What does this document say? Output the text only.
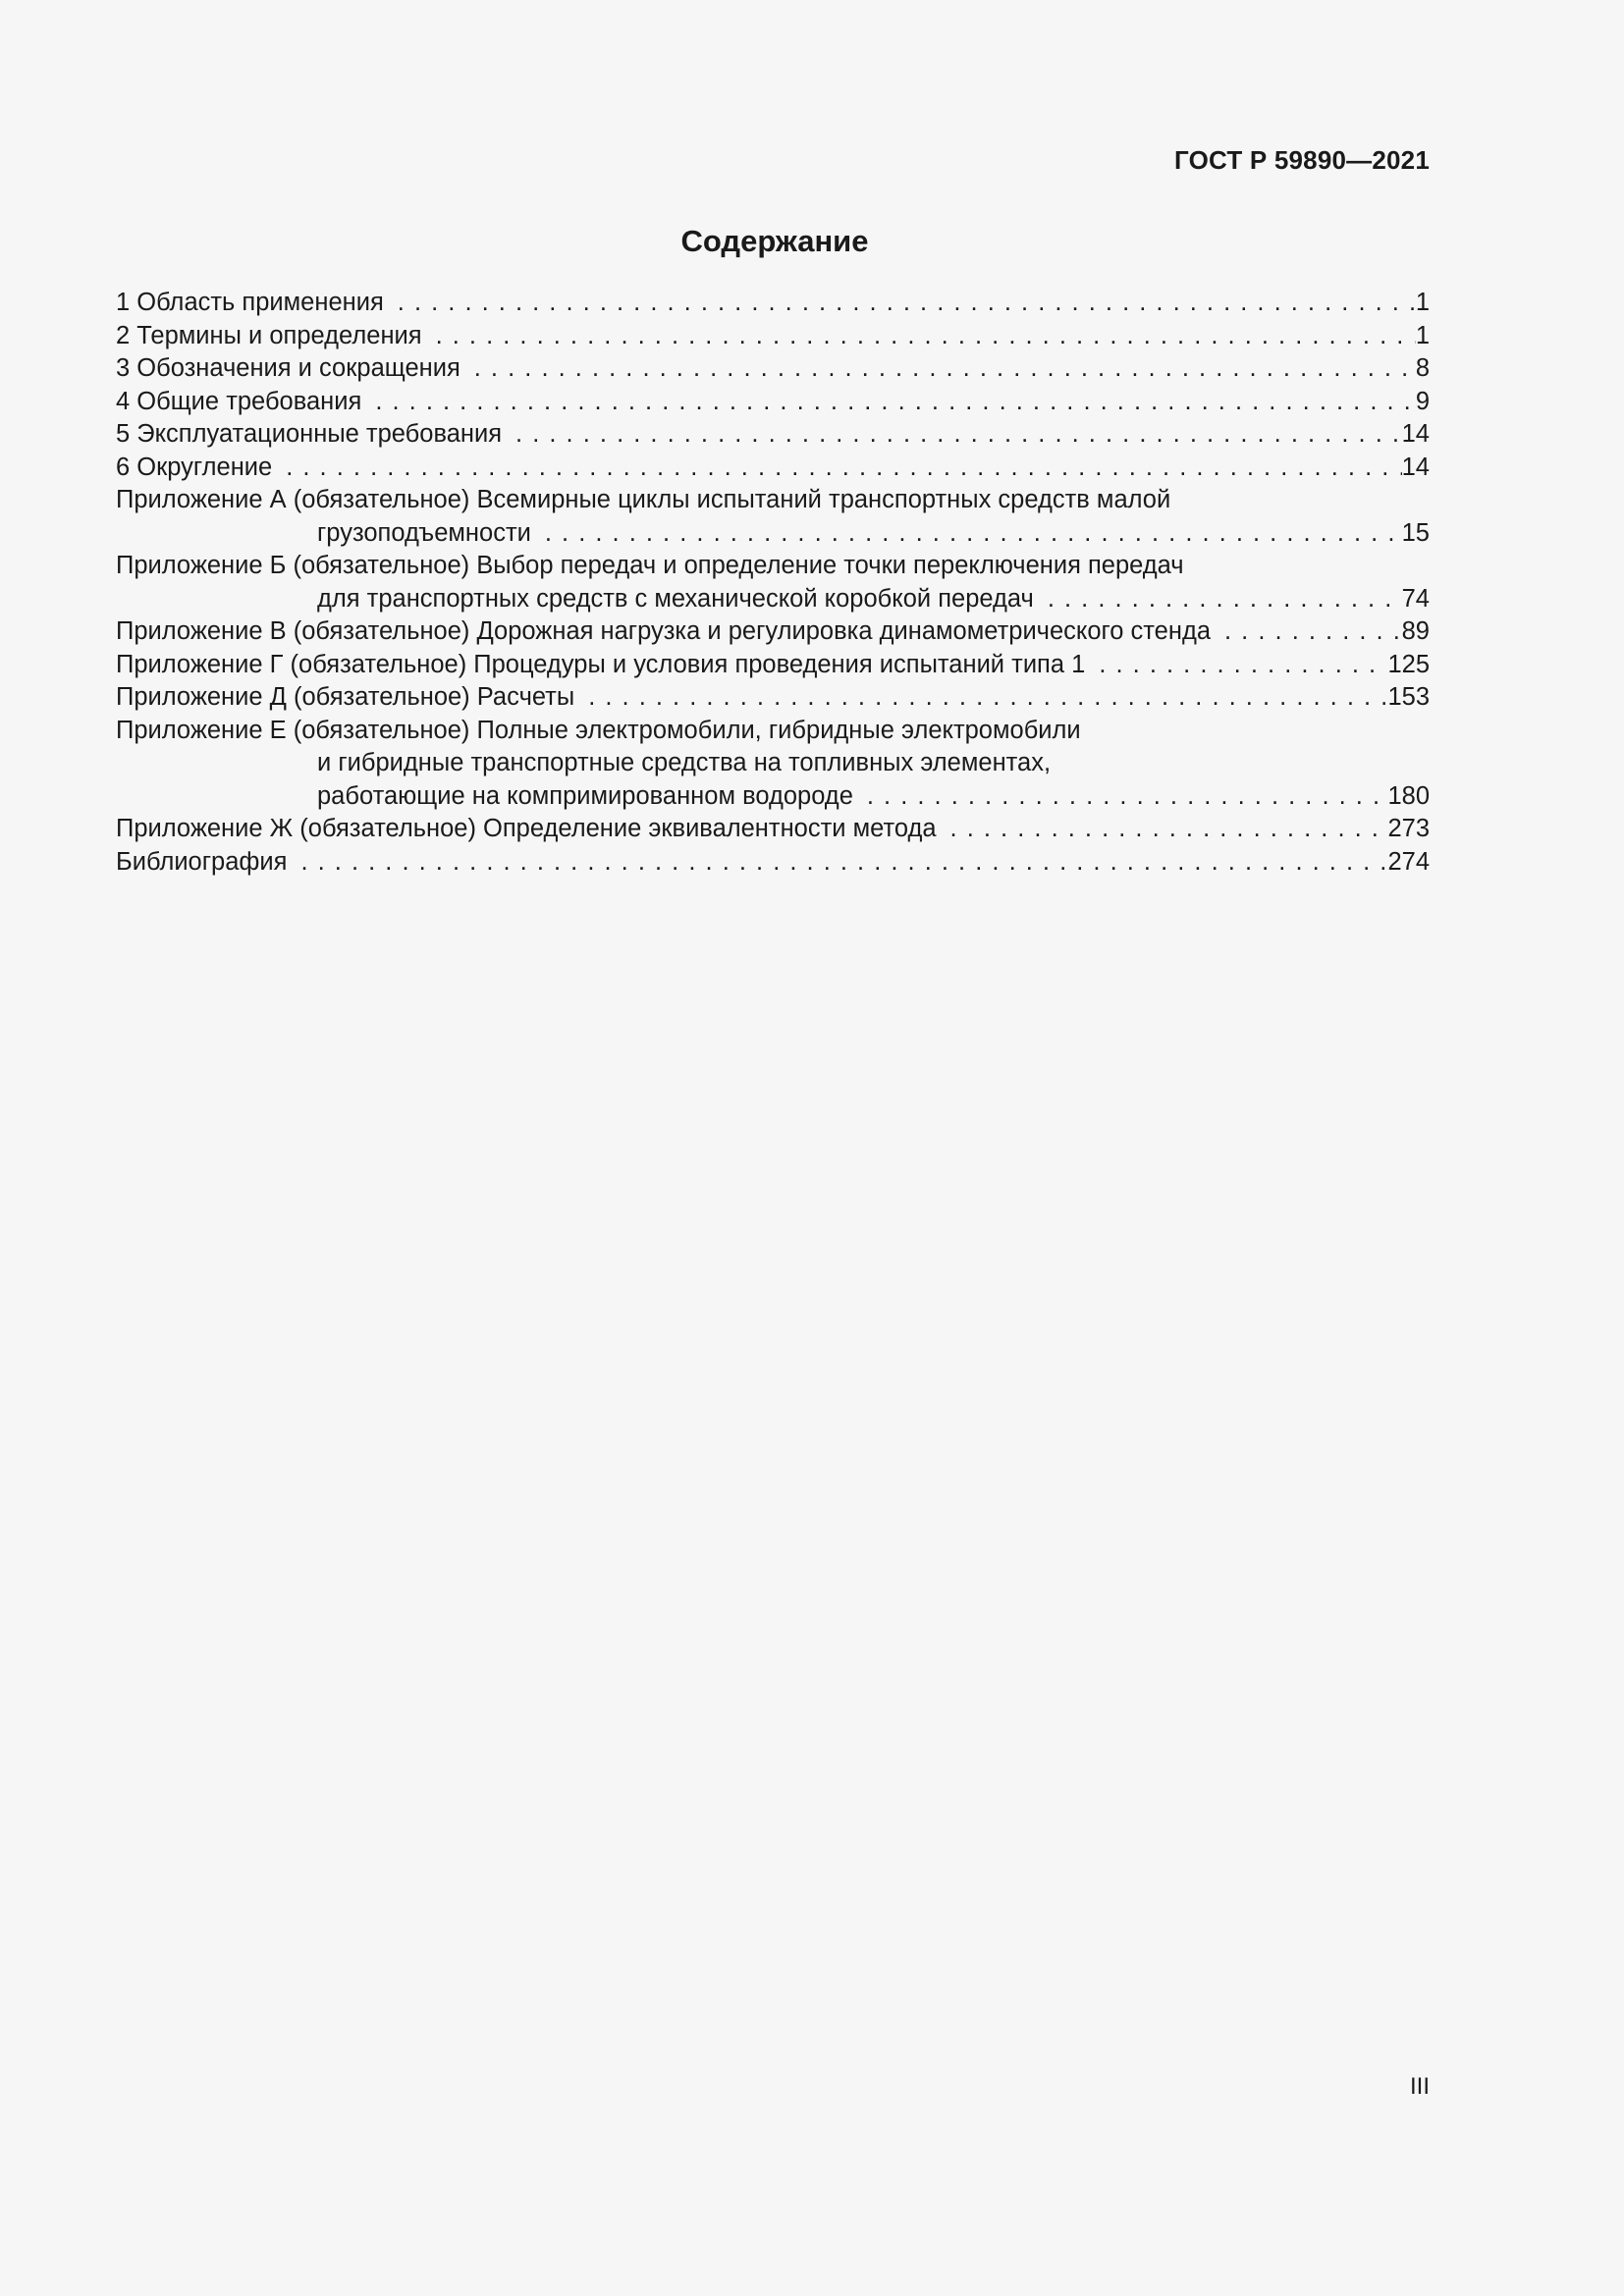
ГОСТ Р 59890—2021
Содержание
1 Область применения . . .	1
2 Термины и определения . . .	1
3 Обозначения и сокращения . . .	8
4 Общие требования . . .	9
5 Эксплуатационные требования . . .	14
6 Округление . . .	14
Приложение А (обязательное) Всемирные циклы испытаний транспортных средств малой
грузоподъемности . . .	15
Приложение Б (обязательное) Выбор передач и определение точки переключения передач
для транспортных средств с механической коробкой передач . . .	74
Приложение В (обязательное) Дорожная нагрузка и регулировка динамометрического стенда . . .	89
Приложение Г (обязательное) Процедуры и условия проведения испытаний типа 1 . . .	125
Приложение Д (обязательное) Расчеты . . .	153
Приложение Е (обязательное) Полные электромобили, гибридные электромобили
и гибридные транспортные средства на топливных элементах,
работающие на компримированном водороде . . .	180
Приложение Ж (обязательное) Определение эквивалентности метода . . .	273
Библиография . . .	274
III
